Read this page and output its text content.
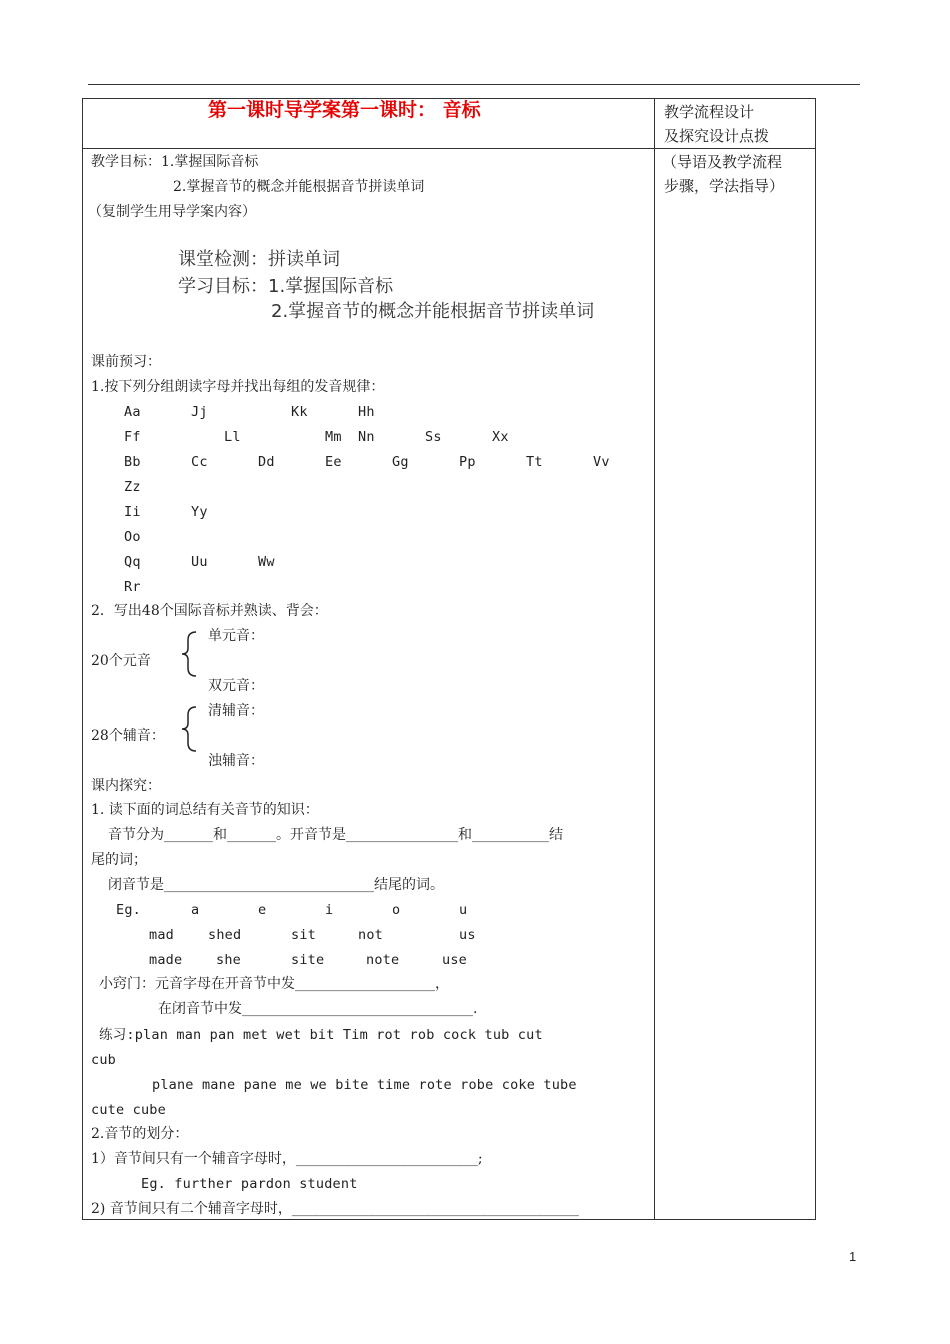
第一课时导学案第一课时： 音标	教学流程设计
及探究设计点拨
（导语及教学流程
步骤，学法指导）
教学目标：1.掌握国际音标
2.掌握音节的概念并能根据音节拼读单词
（复制学生用导学案内容）
课堂检测：拼读单词
学习目标：1.掌握国际音标
2.掌握音节的概念并能根据音节拼读单词
课前预习：
1.按下列分组朗读字母并找出每组的发音规律：
Aa	Jj	Kk	Hh
Ff	Ll	Mm Nn	Ss	Xx
Bb	Cc	Dd	Ee	Gg	Pp	Tt	Vv
Zz
Ii	Yy
Oo
Qq	Uu	Ww
Rr
2．写出48个国际音标并熟读、背会：
单元音：
20个元音
双元音：
清辅音：
28个辅音：
浊辅音：
课内探究：
1. 读下面的词总结有关音节的知识：
音节分为_______和_______。开音节是________________和___________结
尾的词；
闭音节是______________________________结尾的词。
Eg.	a	e	i	o	u
mad	shed	sit	not	us
made she	site	note	use
小窍门：元音字母在开音节中发____________________，
在闭音节中发_________________________________.
练习:plan man pan met wet bit Tim rot rob cock tub cut
cub
plane mane pane me we bite time rote robe coke tube
cute cube
2.音节的划分：
1）音节间只有一个辅音字母时，__________________________;
Eg. further pardon student
2) 音节间只有二个辅音字母时，_________________________________________
1
